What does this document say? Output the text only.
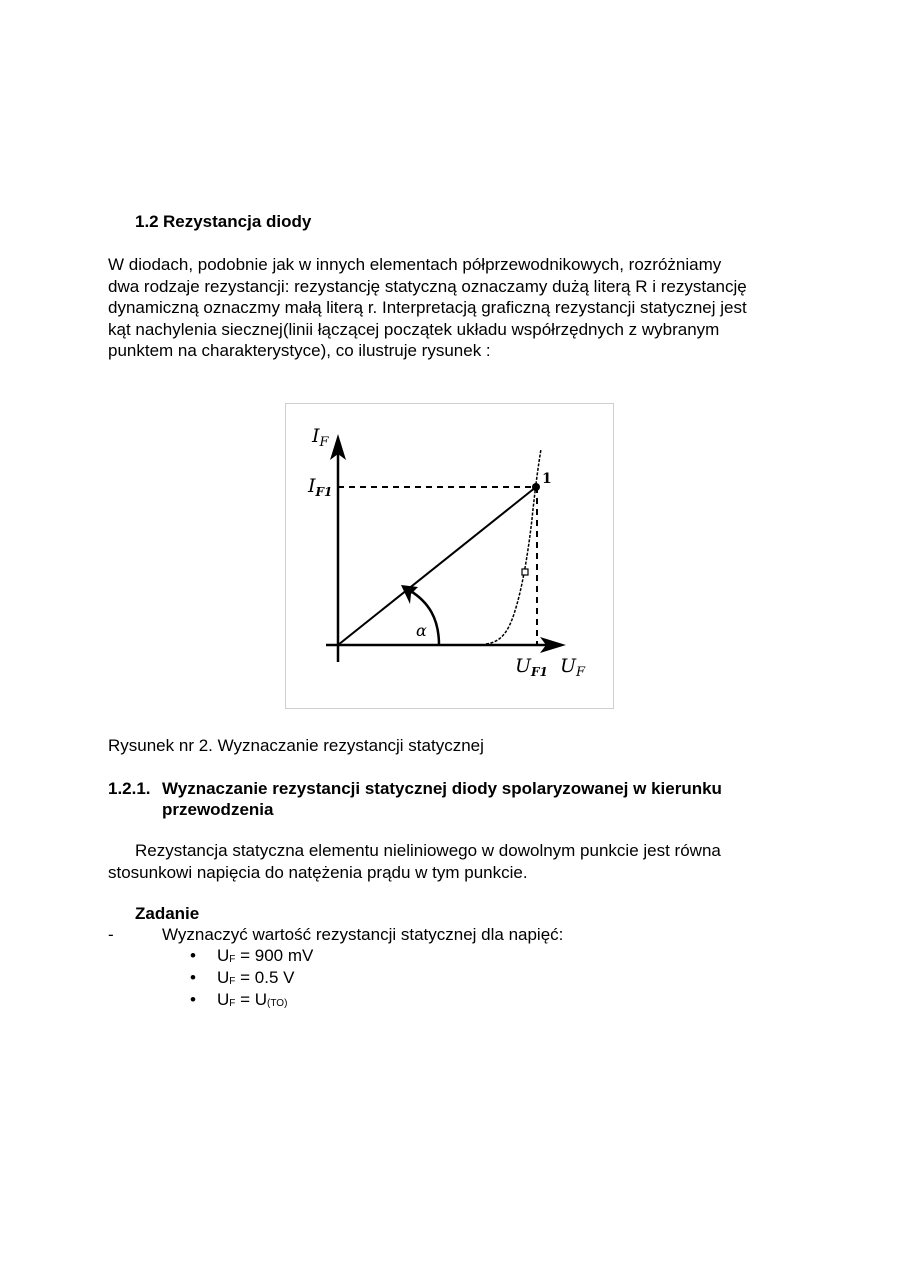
1.2 Rezystancja diody
W diodach, podobnie jak w innych elementach półprzewodnikowych, rozróżniamy
dwa rodzaje rezystancji: rezystancję statyczną oznaczamy dużą literą R i rezystancję
dynamiczną oznaczmy małą literą r. Interpretacją graficzną rezystancji statycznej jest
kąt nachylenia siecznej(linii łączącej początek układu współrzędnych z wybranym
punktem na charakterystyce), co ilustruje rysunek :
$I_F$
$I_{F1}$
$U_{F1}$ $U_F$
α
1
Rysunek nr 2. Wyznaczanie rezystancji statycznej
1.2.1. Wyznaczanie rezystancji statycznej diody spolaryzowanej w kierunku
przewodzenia
Rezystancja statyczna elementu nieliniowego w dowolnym punkcie jest równa
stosunkowi napięcia do natężenia prądu w tym punkcie.
Zadanie
-	Wyznaczyć wartość rezystancji statycznej dla napięć:
• $U_F = 900$ mV
• $U_F = 0.5$ V
• $U_F = U_{(TO)}$
